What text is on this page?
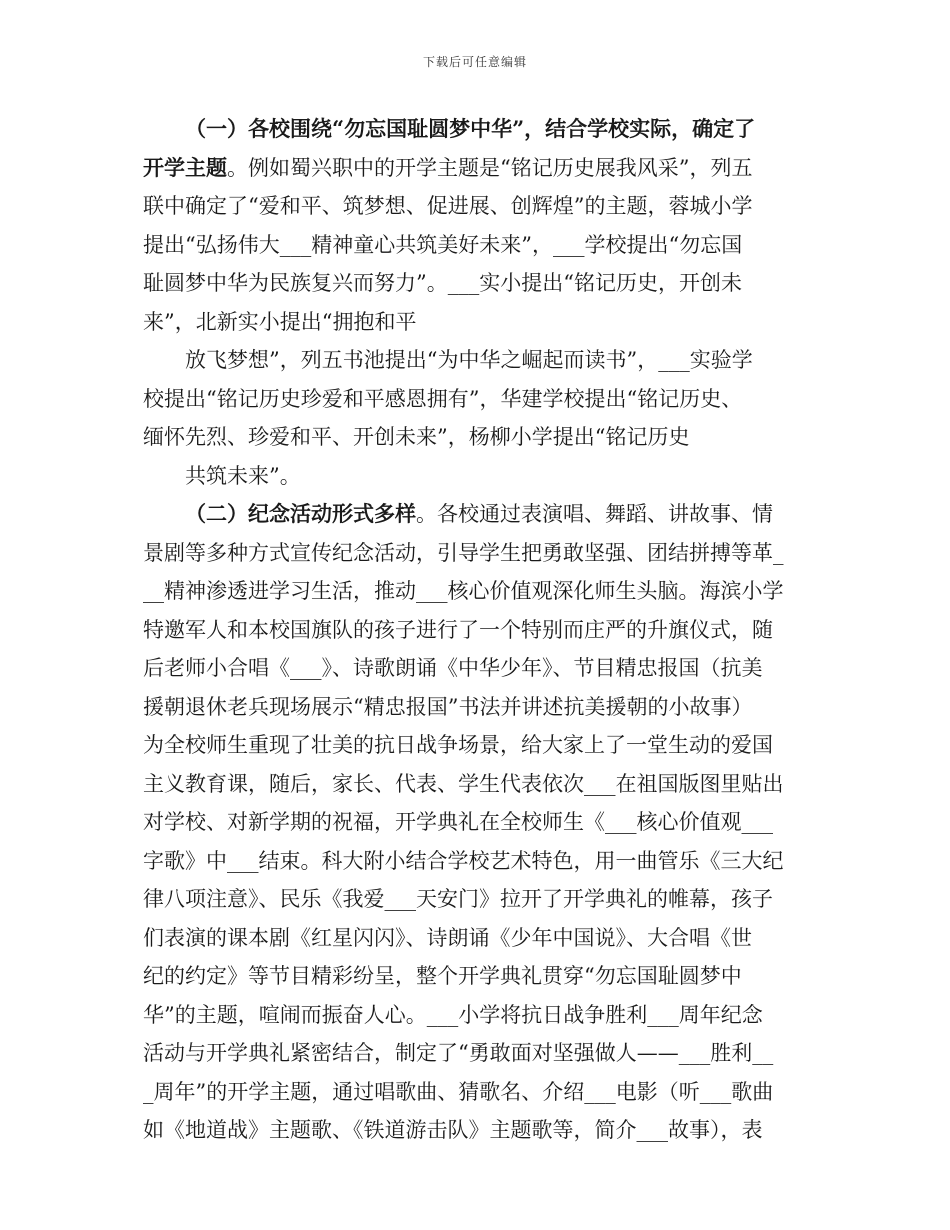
下载后可任意编辑
（一）各校围绕“勿忘国耻圆梦中华”，结合学校实际，确定了
开学主题。例如蜀兴职中的开学主题是“铭记历史展我风采”，列五
联中确定了“爱和平、筑梦想、促进展、创辉煌”的主题，蓉城小学
提出“弘扬伟大___精神童心共筑美好未来”，___学校提出“勿忘国
耻圆梦中华为民族复兴而努力”。___实小提出“铭记历史，开创未
来”，北新实小提出“拥抱和平
放飞梦想”，列五书池提出“为中华之崛起而读书”，___实验学
校提出“铭记历史珍爱和平感恩拥有”，华建学校提出“铭记历史、
缅怀先烈、珍爱和平、开创未来”，杨柳小学提出“铭记历史
共筑未来”。
（二）纪念活动形式多样。各校通过表演唱、舞蹈、讲故事、情
景剧等多种方式宣传纪念活动，引导学生把勇敢坚强、团结拼搏等革_
__精神渗透进学习生活，推动___核心价值观深化师生头脑。海滨小学
特邀军人和本校国旗队的孩子进行了一个特别而庄严的升旗仪式，随
后老师小合唱《___》、诗歌朗诵《中华少年》、节目精忠报国（抗美
援朝退休老兵现场展示“精忠报国”书法并讲述抗美援朝的小故事）
为全校师生重现了壮美的抗日战争场景，给大家上了一堂生动的爱国
主义教育课，随后，家长、代表、学生代表依次___在祖国版图里贴出
对学校、对新学期的祝福，开学典礼在全校师生《___核心价值观___
字歌》中___结束。科大附小结合学校艺术特色，用一曲管乐《三大纪
律八项注意》、民乐《我爱___天安门》拉开了开学典礼的帷幕，孩子
们表演的课本剧《红星闪闪》、诗朗诵《少年中国说》、大合唱《世
纪的约定》等节目精彩纷呈，整个开学典礼贯穿“勿忘国耻圆梦中
华”的主题，喧闹而振奋人心。___小学将抗日战争胜利___周年纪念
活动与开学典礼紧密结合，制定了“勇敢面对坚强做人——___胜利__
_周年”的开学主题，通过唱歌曲、猜歌名、介绍___电影（听___歌曲
如《地道战》主题歌、《铁道游击队》主题歌等，简介___故事），表
